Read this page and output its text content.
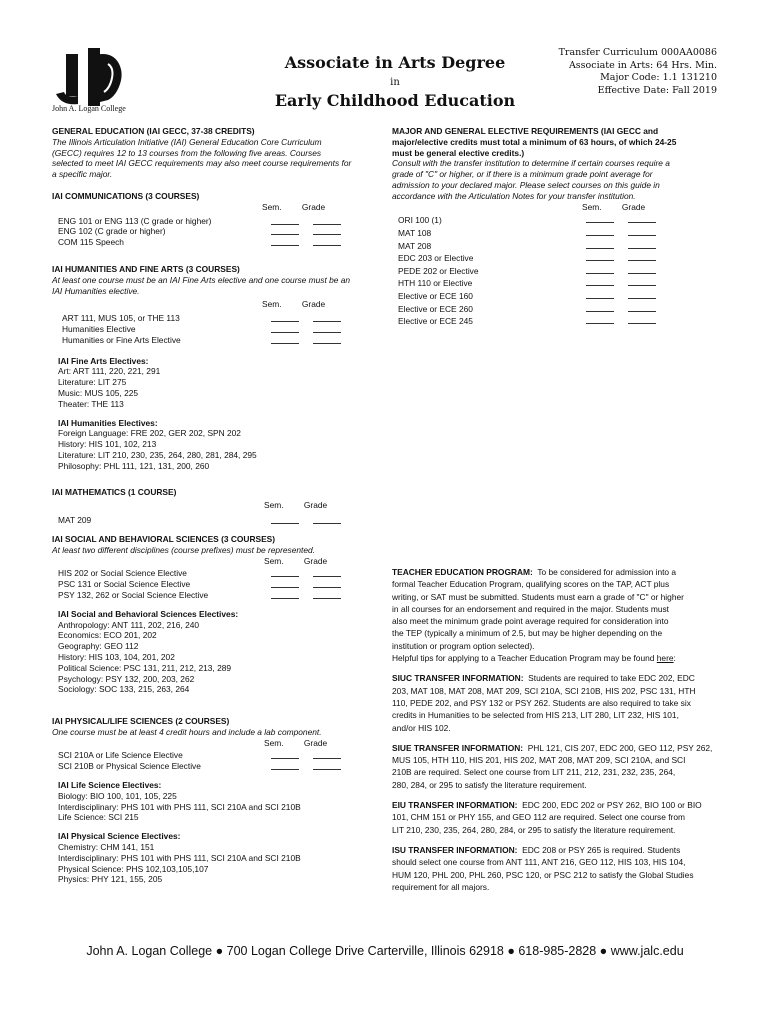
John A. Logan College
Associate in Arts Degree
in
Early Childhood Education
Transfer Curriculum 000AA0086
Associate in Arts: 64 Hrs. Min.
Major Code: 1.1 131210
Effective Date: Fall 2019
GENERAL EDUCATION (IAI GECC, 37-38 CREDITS)
The Illinois Articulation Initiative (IAI) General Education Core Curriculum
(GECC) requires 12 to 13 courses from the following five areas. Courses
selected to meet IAI GECC requirements may also meet course requirements for
a specific major.
IAI COMMUNICATIONS (3 COURSES)
Sem. Grade
ENG 101 or ENG 113 (C grade or higher)
ENG 102 (C grade or higher)
COM 115 Speech
IAI HUMANITIES AND FINE ARTS (3 COURSES)
At least one course must be an IAI Fine Arts elective and one course must be an
IAI Humanities elective.
Sem. Grade
ART 111, MUS 105, or THE 113
Humanities Elective
Humanities or Fine Arts Elective
IAI Fine Arts Electives:
Art: ART 111, 220, 221, 291
Literature: LIT 275
Music: MUS 105, 225
Theater: THE 113
IAI Humanities Electives:
Foreign Language: FRE 202, GER 202, SPN 202
History: HIS 101, 102, 213
Literature: LIT 210, 230, 235, 264, 280, 281, 284, 295
Philosophy: PHL 111, 121, 131, 200, 260
IAI MATHEMATICS (1 COURSE)
Sem. Grade
MAT 209
IAI SOCIAL AND BEHAVIORAL SCIENCES (3 COURSES)
At least two different disciplines (course prefixes) must be represented.
Sem. Grade
HIS 202 or Social Science Elective
PSC 131 or Social Science Elective
PSY 132, 262 or Social Science Elective
IAI Social and Behavioral Sciences Electives:
Anthropology: ANT 111, 202, 216, 240
Economics: ECO 201, 202
Geography: GEO 112
History: HIS 103, 104, 201, 202
Political Science: PSC 131, 211, 212, 213, 289
Psychology: PSY 132, 200, 203, 262
Sociology: SOC 133, 215, 263, 264
IAI PHYSICAL/LIFE SCIENCES (2 COURSES)
One course must be at least 4 credit hours and include a lab component.
Sem. Grade
SCI 210A or Life Science Elective
SCI 210B or Physical Science Elective
IAI Life Science Electives:
Biology: BIO 100, 101, 105, 225
Interdisciplinary: PHS 101 with PHS 111, SCI 210A and SCI 210B
Life Science: SCI 215
IAI Physical Science Electives:
Chemistry: CHM 141, 151
Interdisciplinary: PHS 101 with PHS 111, SCI 210A and SCI 210B
Physical Science: PHS 102,103,105,107
Physics: PHY 121, 155, 205
MAJOR AND GENERAL ELECTIVE REQUIREMENTS (IAI GECC and
major/elective credits must total a minimum of 63 hours, of which 24-25
must be general elective credits.)
Consult with the transfer institution to determine if certain courses require a
grade of "C" or higher, or if there is a minimum grade point average for
admission to your declared major. Please select courses on this guide in
accordance with the Articulation Notes for your transfer institution.
Sem. Grade
ORI 100 (1)
MAT 108
MAT 208
EDC 203 or Elective
PEDE 202 or Elective
HTH 110 or Elective
Elective or ECE 160
Elective or ECE 260
Elective or ECE 245
TEACHER EDUCATION PROGRAM: To be considered for admission into a
formal Teacher Education Program, qualifying scores on the TAP, ACT plus
writing, or SAT must be submitted. Students must earn a grade of "C" or higher
in all courses for an endorsement and required in the major. Students must
also meet the minimum grade point average required for consideration into
the TEP (typically a minimum of 2.5, but may be higher depending on the
institution or program option selected).
Helpful tips for applying to a Teacher Education Program may be found here:
SIUC TRANSFER INFORMATION: Students are required to take EDC 202, EDC
203, MAT 108, MAT 208, MAT 209, SCI 210A, SCI 210B, HIS 202, PSC 131, HTH
110, PEDE 202, and PSY 132 or PSY 262. Students are also required to take six
credits in Humanities to be selected from HIS 213, LIT 280, LIT 232, HIS 101,
and/or HIS 102.
SIUE TRANSFER INFORMATION: PHL 121, CIS 207, EDC 200, GEO 112, PSY 262,
MUS 105, HTH 110, HIS 201, HIS 202, MAT 208, MAT 209, SCI 210A, and SCI
210B are required. Select one course from LIT 211, 212, 231, 232, 235, 264,
280, 284, or 295 to satisfy the literature requirement.
EIU TRANSFER INFORMATION: EDC 200, EDC 202 or PSY 262, BIO 100 or BIO
101, CHM 151 or PHY 155, and GEO 112 are required. Select one course from
LIT 210, 230, 235, 264, 280, 284, or 295 to satisfy the literature requirement.
ISU TRANSFER INFORMATION: EDC 208 or PSY 265 is required. Students
should select one course from ANT 111, ANT 216, GEO 112, HIS 103, HIS 104,
HUM 120, PHL 200, PHL 260, PSC 120, or PSC 212 to satisfy the Global Studies
requirement for all majors.
John A. Logan College ● 700 Logan College Drive Carterville, Illinois 62918 ● 618-985-2828 ● www.jalc.edu
